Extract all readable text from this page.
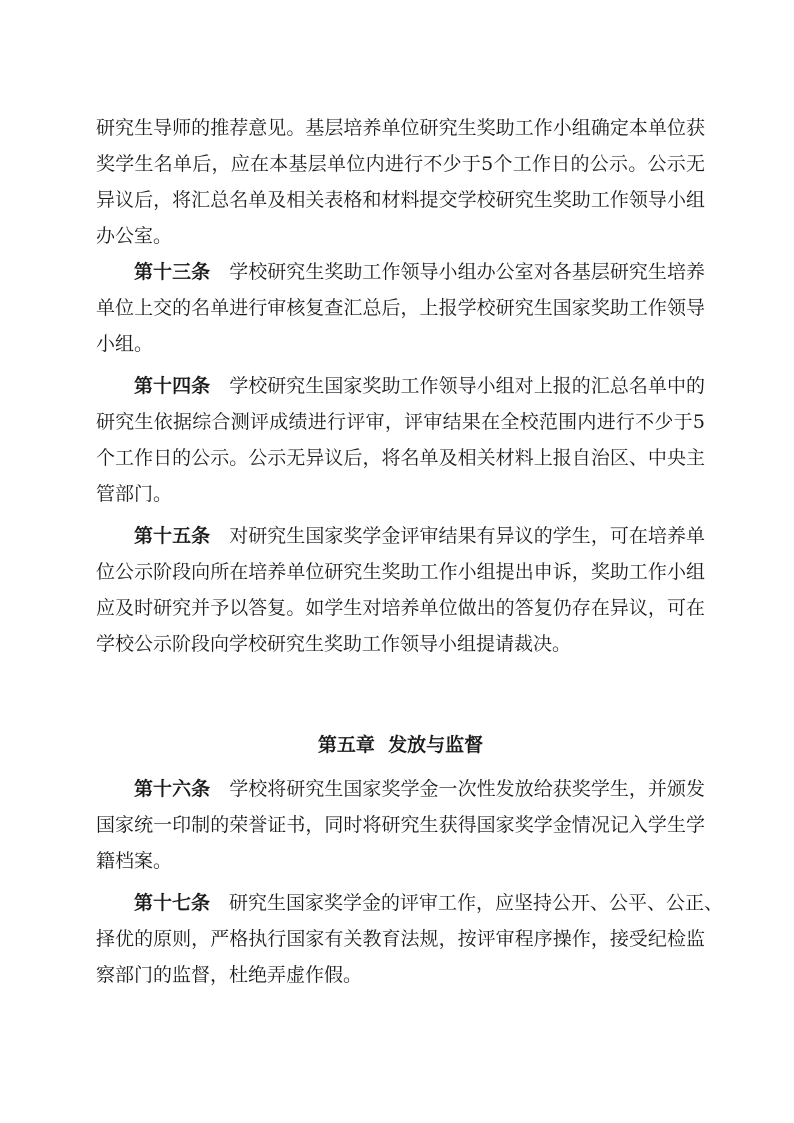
研究生导师的推荐意见。基层培养单位研究生奖助工作小组确定本单位获
奖学生名单后，应在本基层单位内进行不少于5个工作日的公示。公示无
异议后，将汇总名单及相关表格和材料提交学校研究生奖助工作领导小组
办公室。
第十三条　 学校研究生奖助工作领导小组办公室对各基层研究生培养
单位上交的名单进行审核复查汇总后，上报学校研究生国家奖助工作领导
小组。
第十四条　 学校研究生国家奖助工作领导小组对上报的汇总名单中的
研究生依据综合测评成绩进行评审，评审结果在全校范围内进行不少于5
个工作日的公示。公示无异议后，将名单及相关材料上报自治区、中央主
管部门。
第十五条　 对研究生国家奖学金评审结果有异议的学生，可在培养单
位公示阶段向所在培养单位研究生奖助工作小组提出申诉，奖助工作小组
应及时研究并予以答复。如学生对培养单位做出的答复仍存在异议，可在
学校公示阶段向学校研究生奖助工作领导小组提请裁决。
第五章  发放与监督
第十六条　 学校将研究生国家奖学金一次性发放给获奖学生，并颁发
国家统一印制的荣誉证书，同时将研究生获得国家奖学金情况记入学生学
籍档案。
第十七条　 研究生国家奖学金的评审工作，应坚持公开、公平、公正、
择优的原则，严格执行国家有关教育法规，按评审程序操作，接受纪检监
察部门的监督，杜绝弄虚作假。
